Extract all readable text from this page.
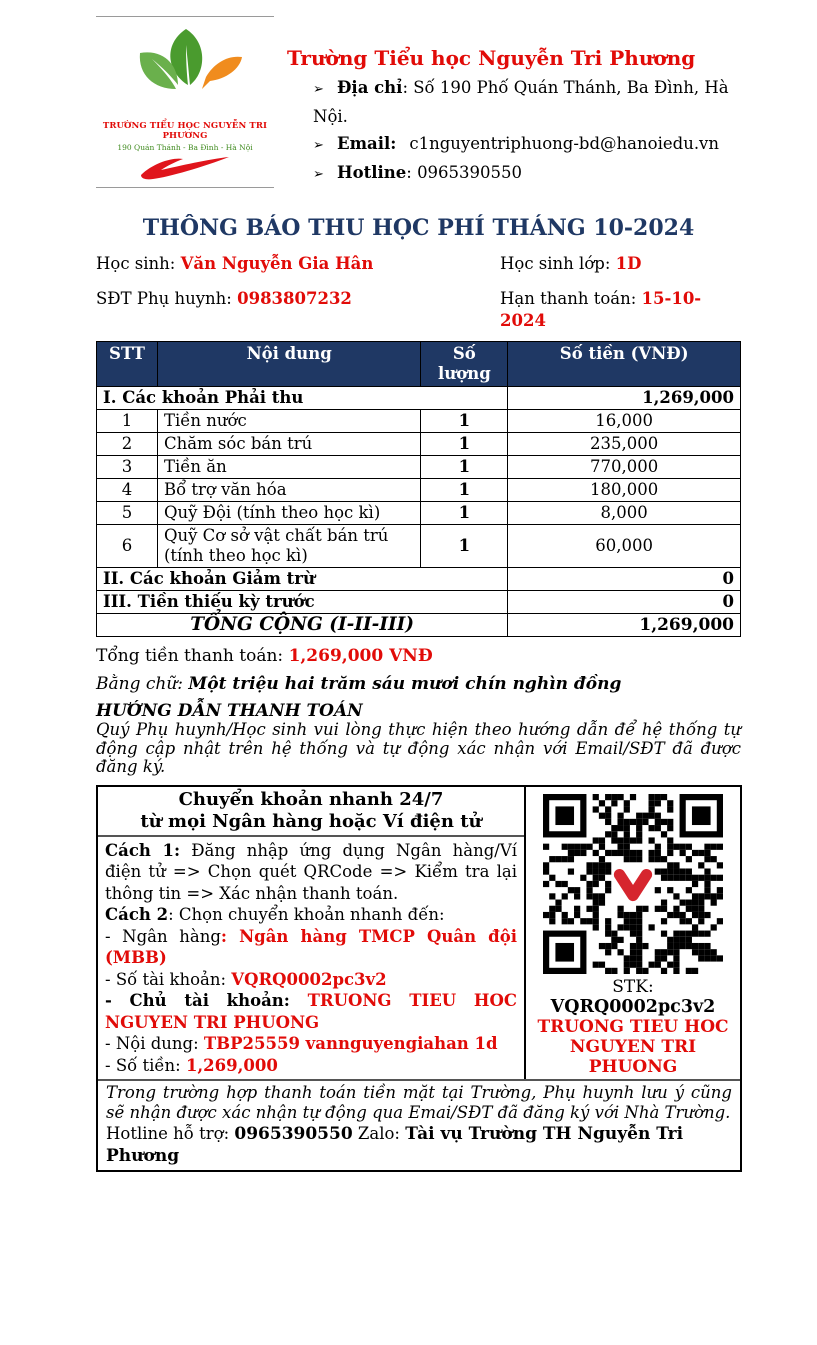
TRƯỜNG TIỂU HỌC NGUYỄN TRI PHƯƠNG
190 Quán Thánh - Ba Đình - Hà Nội
Trường Tiểu học Nguyễn Tri Phương
➢ Địa chỉ: Số 190 Phố Quán Thánh, Ba Đình, Hà Nội.
➢ Email: c1nguyentriphuong-bd@hanoiedu.vn
➢ Hotline: 0965390550
THÔNG BÁO THU HỌC PHÍ THÁNG 10-2024
Học sinh: Văn Nguyễn Gia Hân	Học sinh lớp: 1D
SĐT Phụ huynh: 0983807232	Hạn thanh toán: 15-10-2024
STT	Nội dung	Số lượng	Số tiền (VNĐ)
I. Các khoản Phải thu			1,269,000
1	Tiền nước	1	16,000
2	Chăm sóc bán trú	1	235,000
3	Tiền ăn	1	770,000
4	Bổ trợ văn hóa	1	180,000
5	Quỹ Đội (tính theo học kì)	1	8,000
6	Quỹ Cơ sở vật chất bán trú (tính theo học kì)	1	60,000
II. Các khoản Giảm trừ			0
III. Tiền thiếu kỳ trước			0
TỔNG CỘNG (I-II-III)			1,269,000
Tổng tiền thanh toán: 1,269,000 VNĐ
Bằng chữ: Một triệu hai trăm sáu mươi chín nghìn đồng
HƯỚNG DẪN THANH TOÁN
Quý Phụ huynh/Học sinh vui lòng thực hiện theo hướng dẫn để hệ thống tự động cập nhật trên hệ thống và tự động xác nhận với Email/SĐT đã được đăng ký.
Chuyển khoản nhanh 24/7
từ mọi Ngân hàng hoặc Ví điện tử
Cách 1: Đăng nhập ứng dụng Ngân hàng/Ví điện tử => Chọn quét QRCode => Kiểm tra lại thông tin => Xác nhận thanh toán.
Cách 2: Chọn chuyển khoản nhanh đến:
- Ngân hàng: Ngân hàng TMCP Quân đội (MBB)
- Số tài khoản: VQRQ0002pc3v2
- Chủ tài khoản: TRUONG TIEU HOC NGUYEN TRI PHUONG
- Nội dung: TBP25559 vannguyengiahan 1d
- Số tiền: 1,269,000
STK: VQRQ0002pc3v2
TRUONG TIEU HOC
NGUYEN TRI PHUONG
Trong trường hợp thanh toán tiền mặt tại Trường, Phụ huynh lưu ý cũng sẽ nhận được xác nhận tự động qua Emai/SĐT đã đăng ký với Nhà Trường.
Hotline hỗ trợ: 0965390550 Zalo: Tài vụ Trường TH Nguyễn Tri Phương
